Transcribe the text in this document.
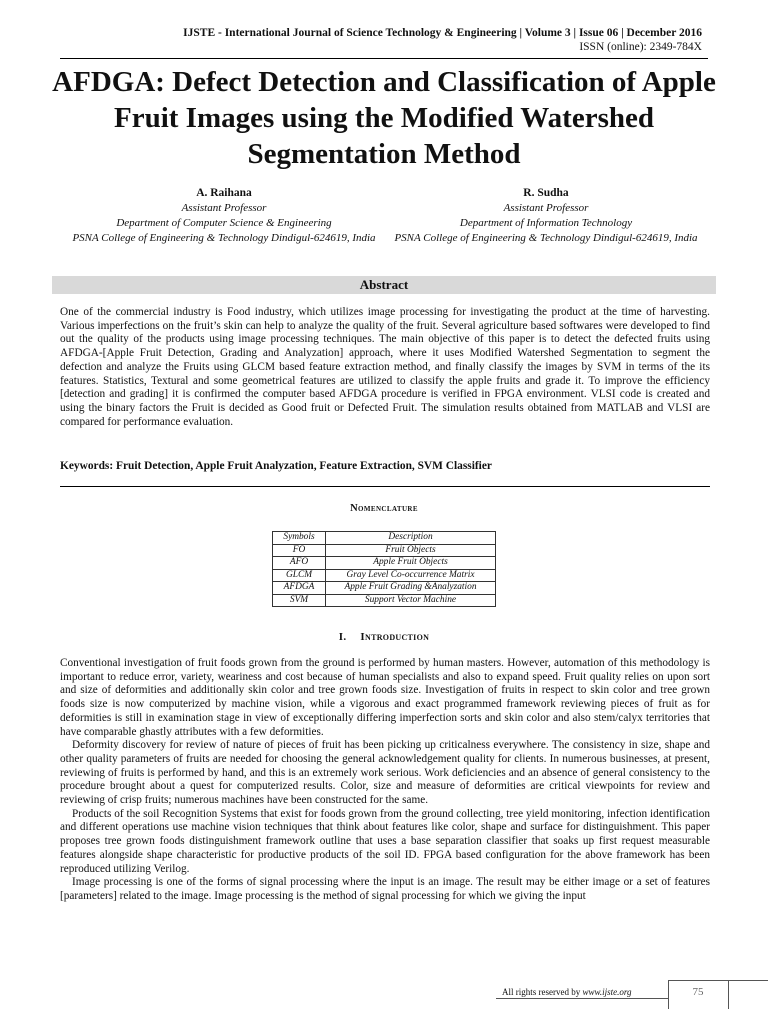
IJSTE - International Journal of Science Technology & Engineering | Volume 3 | Issue 06 | December 2016
ISSN (online): 2349-784X
AFDGA: Defect Detection and Classification of Apple Fruit Images using the Modified Watershed Segmentation Method
A. Raihana
Assistant Professor
Department of Computer Science & Engineering
PSNA College of Engineering & Technology Dindigul-624619, India
R. Sudha
Assistant Professor
Department of Information Technology
PSNA College of Engineering & Technology Dindigul-624619, India
Abstract
One of the commercial industry is Food industry, which utilizes image processing for investigating the product at the time of harvesting. Various imperfections on the fruit’s skin can help to analyze the quality of the fruit. Several agriculture based softwares were developed to find out the quality of the products using image processing techniques. The main objective of this paper is to detect the defected fruits using AFDGA-[Apple Fruit Detection, Grading and Analyzation] approach, where it uses Modified Watershed Segmentation to segment the defection and analyze the Fruits using GLCM based feature extraction method, and finally classify the images by SVM in terms of the its features. Statistics, Textural and some geometrical features are utilized to classify the apple fruits and grade it. To improve the efficiency [detection and grading] it is confirmed the computer based AFDGA procedure is verified in FPGA environment. VLSI code is created and using the binary factors the Fruit is decided as Good fruit or Defected Fruit. The simulation results obtained from MATLAB and VLSI are compared for performance evaluation.
Keywords: Fruit Detection, Apple Fruit Analyzation, Feature Extraction, SVM Classifier
Nomenclature
Symbols	Description
FO	Fruit Objects
AFO	Apple Fruit Objects
GLCM	Gray Level Co-occurrence Matrix
AFDGA	Apple Fruit Grading &Analyzation
SVM	Support Vector Machine
I. Introduction

Conventional investigation of fruit foods grown from the ground is performed by human masters. However, automation of this methodology is important to reduce error, variety, weariness and cost because of human specialists and also to expand speed. Fruit quality relies on upon sort and size of deformities and additionally skin color and tree grown foods size. Investigation of fruits in respect to skin color and tree grown foods size is now computerized by machine vision, while a vigorous and exact programmed framework reviewing pieces of fruit as for deformities is still in examination stage in view of exceptionally differing imperfection sorts and skin color and also stem/calyx territories that have comparable ghastly attributes with a few deformities.

Deformity discovery for review of nature of pieces of fruit has been picking up criticalness everywhere. The consistency in size, shape and other quality parameters of fruits are needed for choosing the general acknowledgement quality for clients. In numerous businesses, at present, reviewing of fruits is performed by hand, and this is an extremely work serious. Work deficiencies and an absence of general consistency to the procedure brought about a quest for computerized results. Color, size and measure of deformities are critical viewpoints for review and reviewing of crisp fruits; numerous machines have been constructed for the same.

Products of the soil Recognition Systems that exist for foods grown from the ground collecting, tree yield monitoring, infection identification and different operations use machine vision techniques that think about features like color, shape and surface for distinguishment. This paper proposes tree grown foods distinguishment framework outline that uses a base separation classifier that soaks up first request measurable features alongside shape characteristic for productive products of the soil ID. FPGA based configuration for the above framework has been reproduced utilizing Verilog.

Image processing is one of the forms of signal processing where the input is an image. The result may be either image or a set of features [parameters] related to the image. Image processing is the method of signal processing for which we giving the input

All rights reserved by www.ijste.org	75
